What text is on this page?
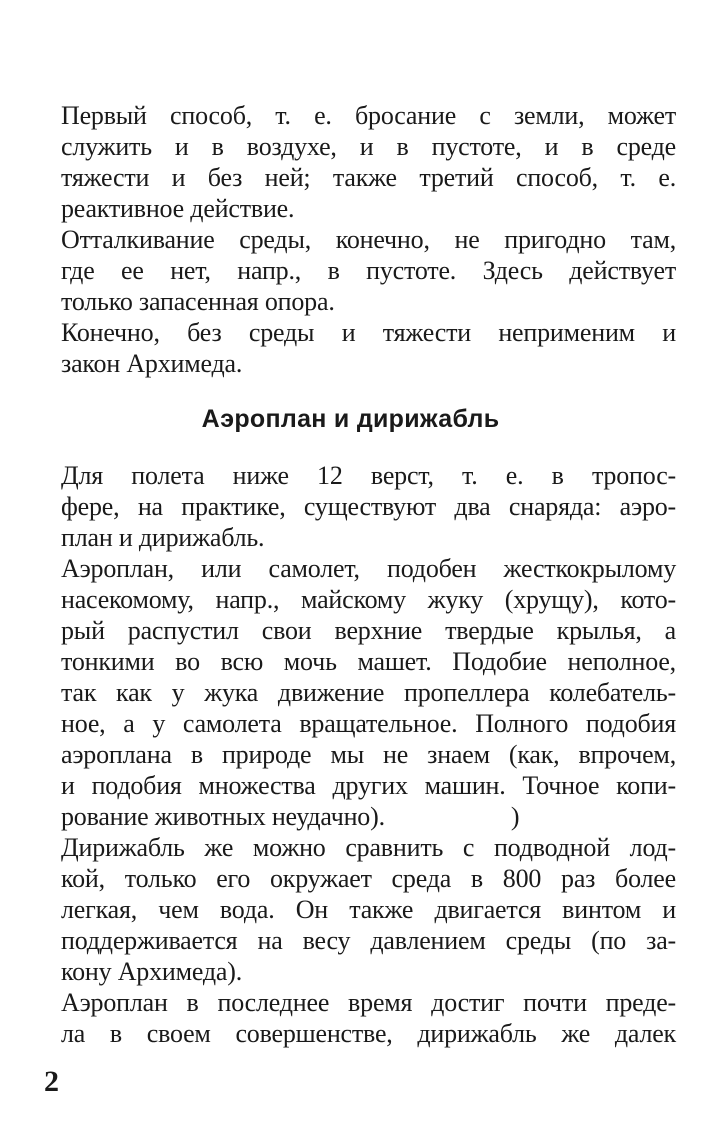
Первый способ, т. е. бросание с земли, может
служить и в воздухе, и в пустоте, и в среде
тяжести и без ней; также третий способ, т. е.
реактивное действие.
Отталкивание среды, конечно, не пригодно там,
где ее нет, напр., в пустоте. Здесь действует
только запасенная опора.
Конечно, без среды и тяжести неприменим и
закон Архимеда.
Аэроплан и дирижабль
Для полета ниже 12 верст, т. е. в тропос-
фере, на практике, существуют два снаряда: аэро-
план и дирижабль.
Аэроплан, или самолет, подобен жесткокрылому
насекомому, напр., майскому жуку (хрущу), кото-
рый распустил свои верхние твердые крылья, а
тонкими во всю мочь машет. Подобие неполное,
так как у жука движение пропеллера колебатель-
ное, а у самолета вращательное. Полного подобия
аэроплана в природе мы не знаем (как, впрочем,
и подобия множества других машин. Точное копи-
рование животных неудачно).                    )
Дирижабль же можно сравнить с подводной лод-
кой, только его окружает среда в 800 раз более
легкая, чем вода. Он также двигается винтом и
поддерживается на весу давлением среды (по за-
кону Архимеда).
Аэроплан в последнее время достиг почти преде-
ла в своем совершенстве, дирижабль же далек
2
